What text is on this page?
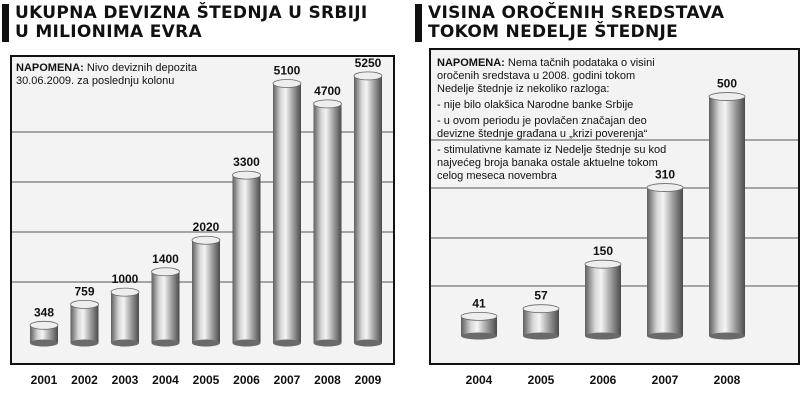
UKUPNA DEVIZNA ŠTEDNJA U SRBIJI
U MILIONIMA EVRA
NAPOMENA: Nivo deviznih depozita 30.06.2009. za poslednju kolonu
348
2001
759
2002
1000
2003
1400
2004
2020
2005
3300
2006
5100
2007
4700
2008
5250
2009
VISINA OROČENIH SREDSTAVA
TOKOM NEDELJE ŠTEDNJE
NAPOMENA: Nema tačnih podataka o visini oročenih sredstava u 2008. godini tokom Nedelje štednje iz nekoliko razloga:
- nije bilo olakšica Narodne banke Srbije
- u ovom periodu je povlačen značajan deo devizne štednje građana u „krizi poverenja“
- stimulativne kamate iz Nedelje štednje su kod najvećeg broja banaka ostale aktuelne tokom celog meseca novembra
41
2004
57
2005
150
2006
310
2007
500
2008
